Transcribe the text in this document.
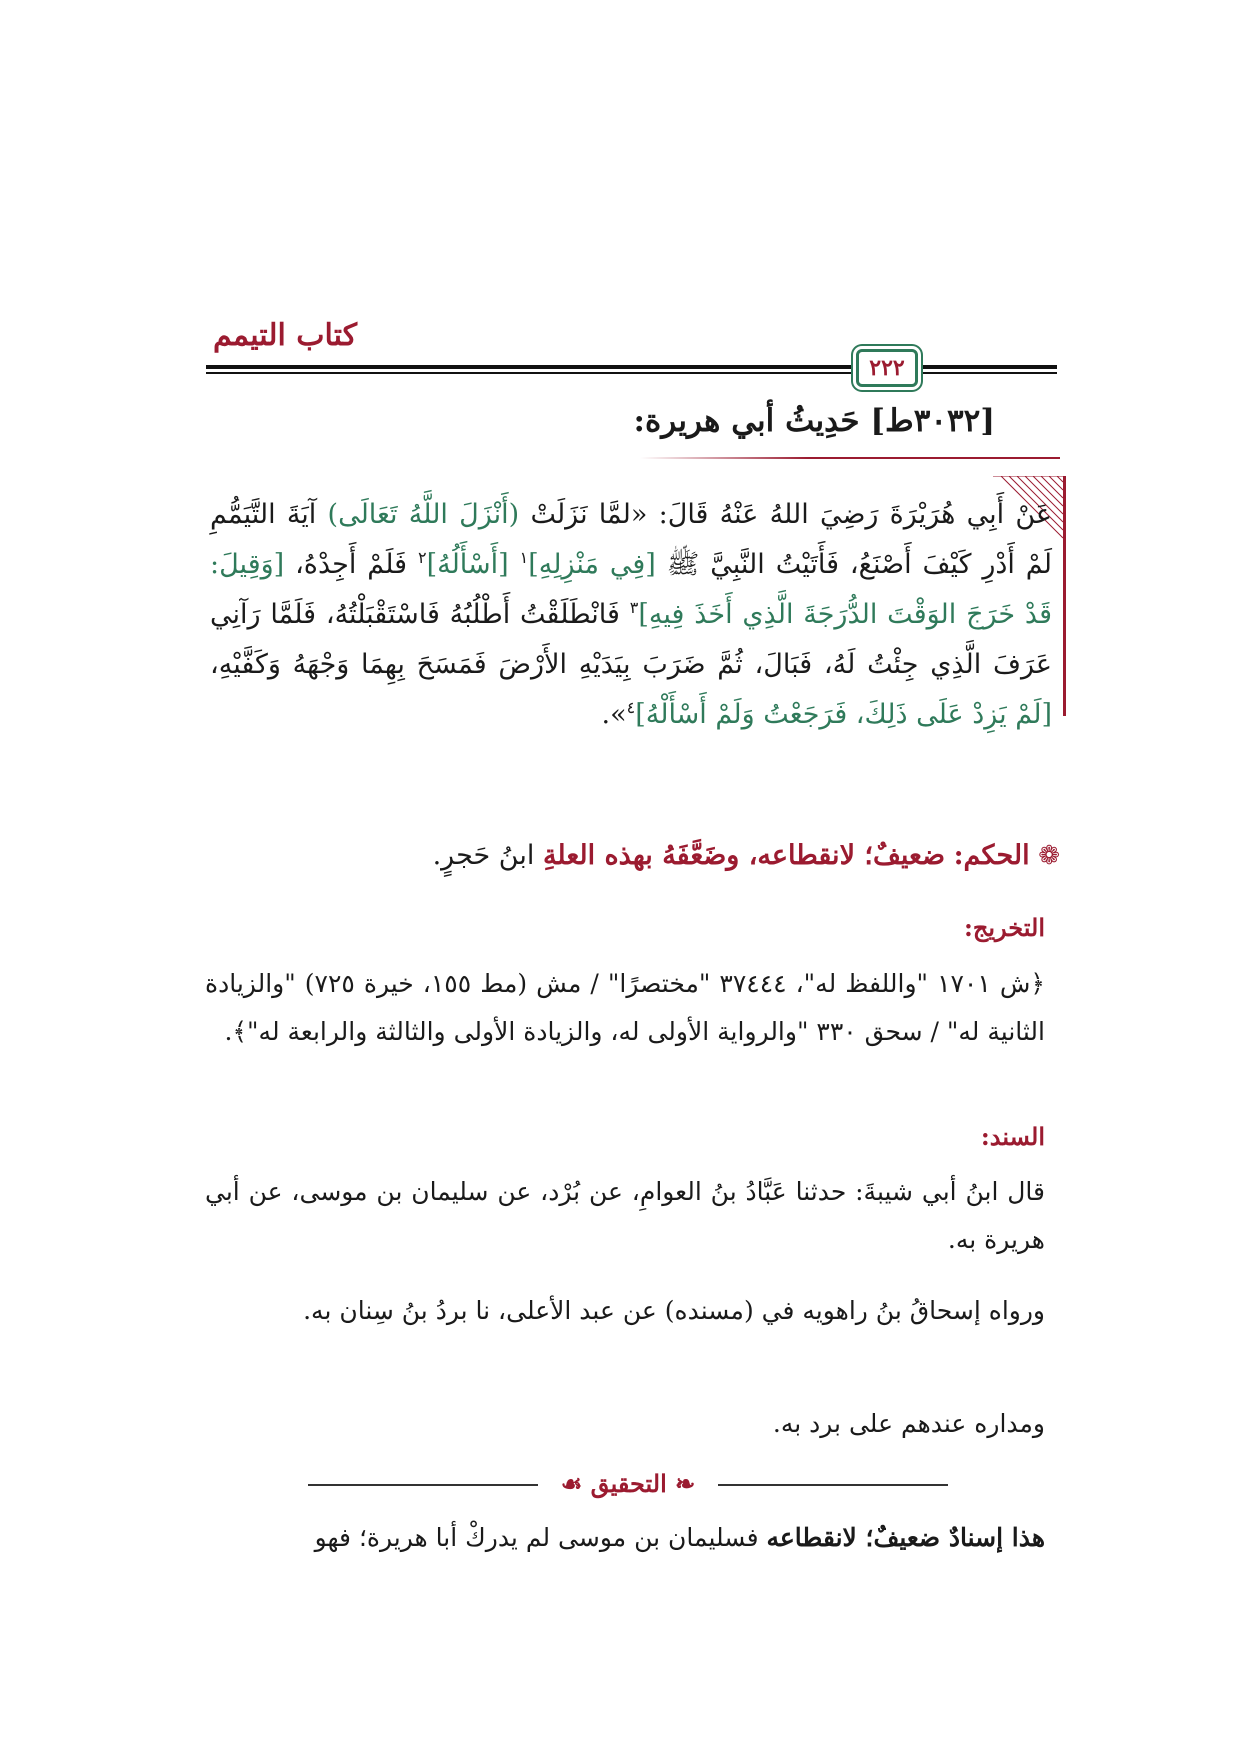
كتاب التيمم
٢٢٢
[٣٠٣٢ط] حَدِيثُ أبي هريرة:
عَنْ أَبِي هُرَيْرَةَ رَضِيَ اللهُ عَنْهُ قَالَ: «لمَّا نَزَلَتْ (أَنْزَلَ اللَّهُ تَعَالَى) آيَةَ التَّيَمُّمِ لَمْ أَدْرِ كَيْفَ أَصْنَعُ، فَأَتَيْتُ النَّبِيَّ ﷺ [فِي مَنْزِلِهِ]$^١$ [أَسْأَلُهُ]$^٢$ فَلَمْ أَجِدْهُ، [وَقِيلَ: قَدْ خَرَجَ الوَقْتَ الدُّرَجَةَ الَّذِي أَخَذَ فِيهِ]$^٣$ فَانْطَلَقْتُ أَطْلُبُهُ فَاسْتَقْبَلْتُهُ، فَلَمَّا رَآنِي عَرَفَ الَّذِي جِئْتُ لَهُ، فَبَالَ، ثُمَّ ضَرَبَ بِيَدَيْهِ الأَرْضَ فَمَسَحَ بِهِمَا وَجْهَهُ وَكَفَّيْهِ، [لَمْ يَزِدْ عَلَى ذَلِكَ، فَرَجَعْتُ وَلَمْ أَسْأَلْهُ]$^٤$».
❁ الحكم: ضعيفٌ؛ لانقطاعه، وضَعَّفَهُ بهذه العلةِ ابنُ حَجرٍ.
التخريج:
﴿ش ١٧٠١ "واللفظ له"، ٣٧٤٤٤ "مختصرًا" / مش (مط ١٥٥، خيرة ٧٢٥) "والزيادة الثانية له" / سحق ٣٣٠ "والرواية الأولى له، والزيادة الأولى والثالثة والرابعة له"﴾.
السند:
قال ابنُ أبي شيبةَ: حدثنا عَبَّادُ بنُ العوامِ، عن بُرْد، عن سليمان بن موسى، عن أبي هريرة به.
ورواه إسحاقُ بنُ راهويه في (مسنده) عن عبد الأعلى، نا بردُ بنُ سِنان به.
ومداره عندهم على برد به.
❧ التحقيق ☙
هذا إسنادٌ ضعيفٌ؛ لانقطاعه فسليمان بن موسى لم يدركْ أبا هريرة؛ فهو
